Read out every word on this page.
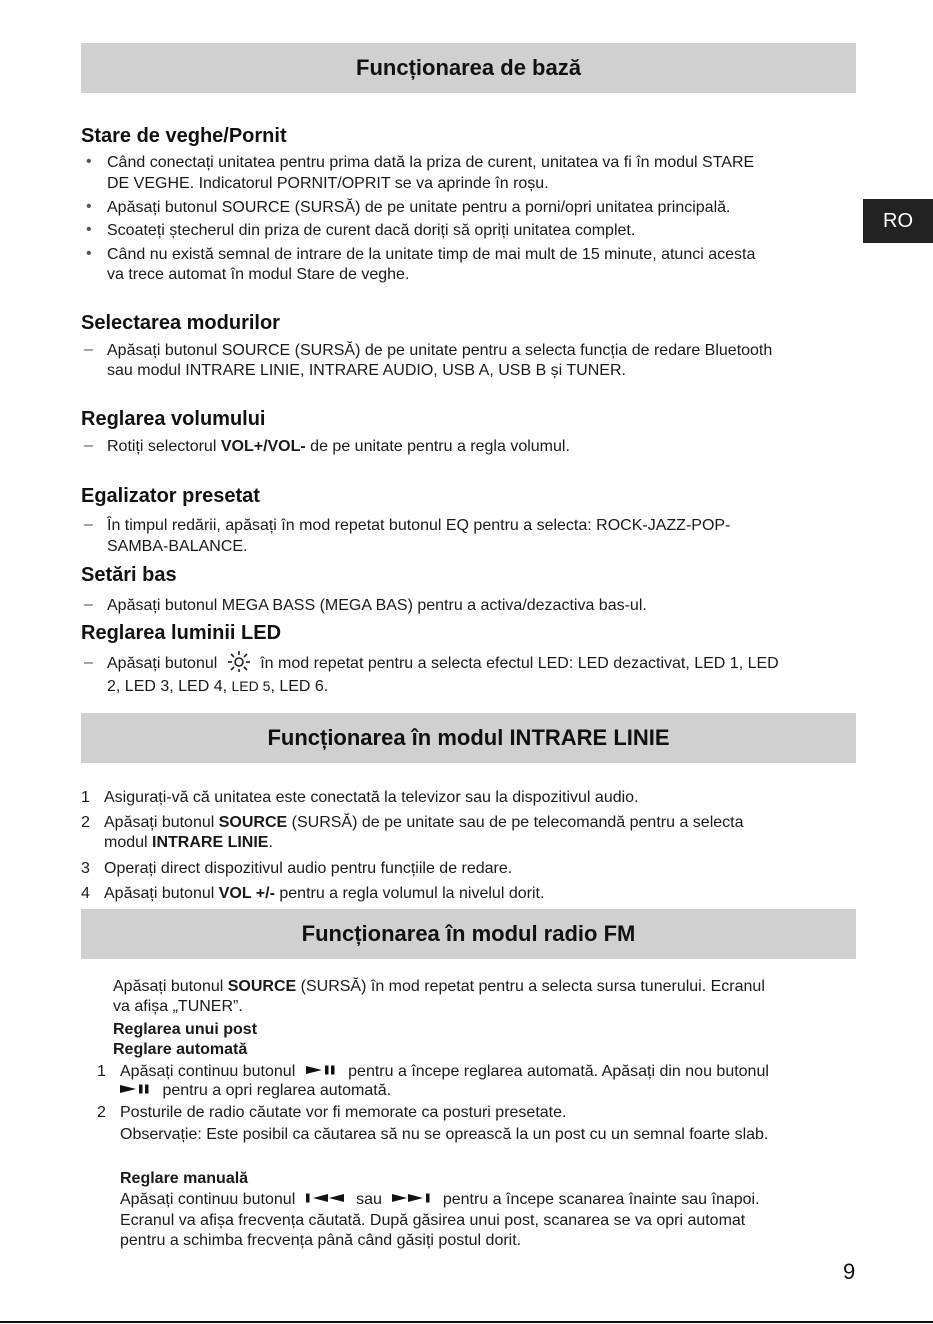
RO
9
Funcționarea de bază
Stare de veghe/Pornit
• Când conectați unitatea pentru prima dată la priza de curent, unitatea va fi în modul STARE
DE VEGHE. Indicatorul PORNIT/OPRIT se va aprinde în roșu.
• Apăsați butonul SOURCE (SURSĂ) de pe unitate pentru a porni/opri unitatea principală.
• Scoateți ștecherul din priza de curent dacă doriți să opriți unitatea complet.
• Când nu există semnal de intrare de la unitate timp de mai mult de 15 minute, atunci acesta
va trece automat în modul Stare de veghe.
Selectarea modurilor
– Apăsați butonul SOURCE (SURSĂ) de pe unitate pentru a selecta funcția de redare Bluetooth
sau modul INTRARE LINIE, INTRARE AUDIO, USB A, USB B și TUNER.
Reglarea volumului
– Rotiți selectorul VOL+/VOL- de pe unitate pentru a regla volumul.
Egalizator presetat
– În timpul redării, apăsați în mod repetat butonul EQ pentru a selecta: ROCK-JAZZ-POP-
SAMBA-BALANCE.
Setări bas
– Apăsați butonul MEGA BASS (MEGA BAS) pentru a activa/dezactiva bas-ul.
Reglarea luminii LED
– Apăsați butonul	în mod repetat pentru a selecta efectul LED: LED dezactivat, LED 1, LED
2, LED 3, LED 4, LED 5, LED 6.
Funcționarea în modul INTRARE LINIE
1 Asigurați-vă că unitatea este conectată la televizor sau la dispozitivul audio.
2 Apăsați butonul SOURCE (SURSĂ) de pe unitate sau de pe telecomandă pentru a selecta
modul INTRARE LINIE.
3 Operați direct dispozitivul audio pentru funcțiile de redare.
4 Apăsați butonul VOL +/- pentru a regla volumul la nivelul dorit.
Funcționarea în modul radio FM
Apăsați butonul SOURCE (SURSĂ) în mod repetat pentru a selecta sursa tunerului. Ecranul
va afișa „TUNER”.
Reglarea unui post
Reglare automată
1 Apăsați continuu butonul	pentru a începe reglarea automată. Apăsați din nou butonul
pentru a opri reglarea automată.
2 Posturile de radio căutate vor fi memorate ca posturi presetate.
Observație: Este posibil ca căutarea să nu se oprească la un post cu un semnal foarte slab.
Reglare manuală
Apăsați continuu butonul	sau	pentru a începe scanarea înainte sau înapoi.
Ecranul va afișa frecvența căutată. După găsirea unui post, scanarea se va opri automat
pentru a schimba frecvența până când găsiți postul dorit.
